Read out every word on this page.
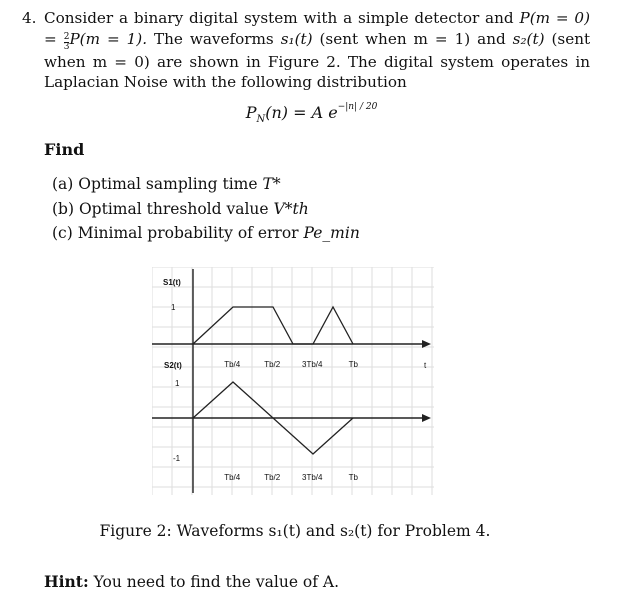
4. Consider a binary digital system with a simple detector and $P(m = 0) = \frac{2}{3} P(m = 1)$. The waveforms s₁(t) (sent when m = 1) and s₂(t) (sent when m = 0) are shown in Figure 2. The digital system operates in Laplacian Noise with the following distribution
$P_N(n) = A$ $e^{-|n| / 20}$
Find
(a) Optimal sampling time T*
(b) Optimal threshold value V*th
(c) Minimal probability of error Pe_min
S1(t)
S2(t)
1
1
-1
t
Tb/4
Tb/4
Tb/2
Tb/2
3Tb/4
3Tb/4
Tb
Tb
Figure 2: Waveforms s₁(t) and s₂(t) for Problem 4.
Hint: You need to find the value of A.
